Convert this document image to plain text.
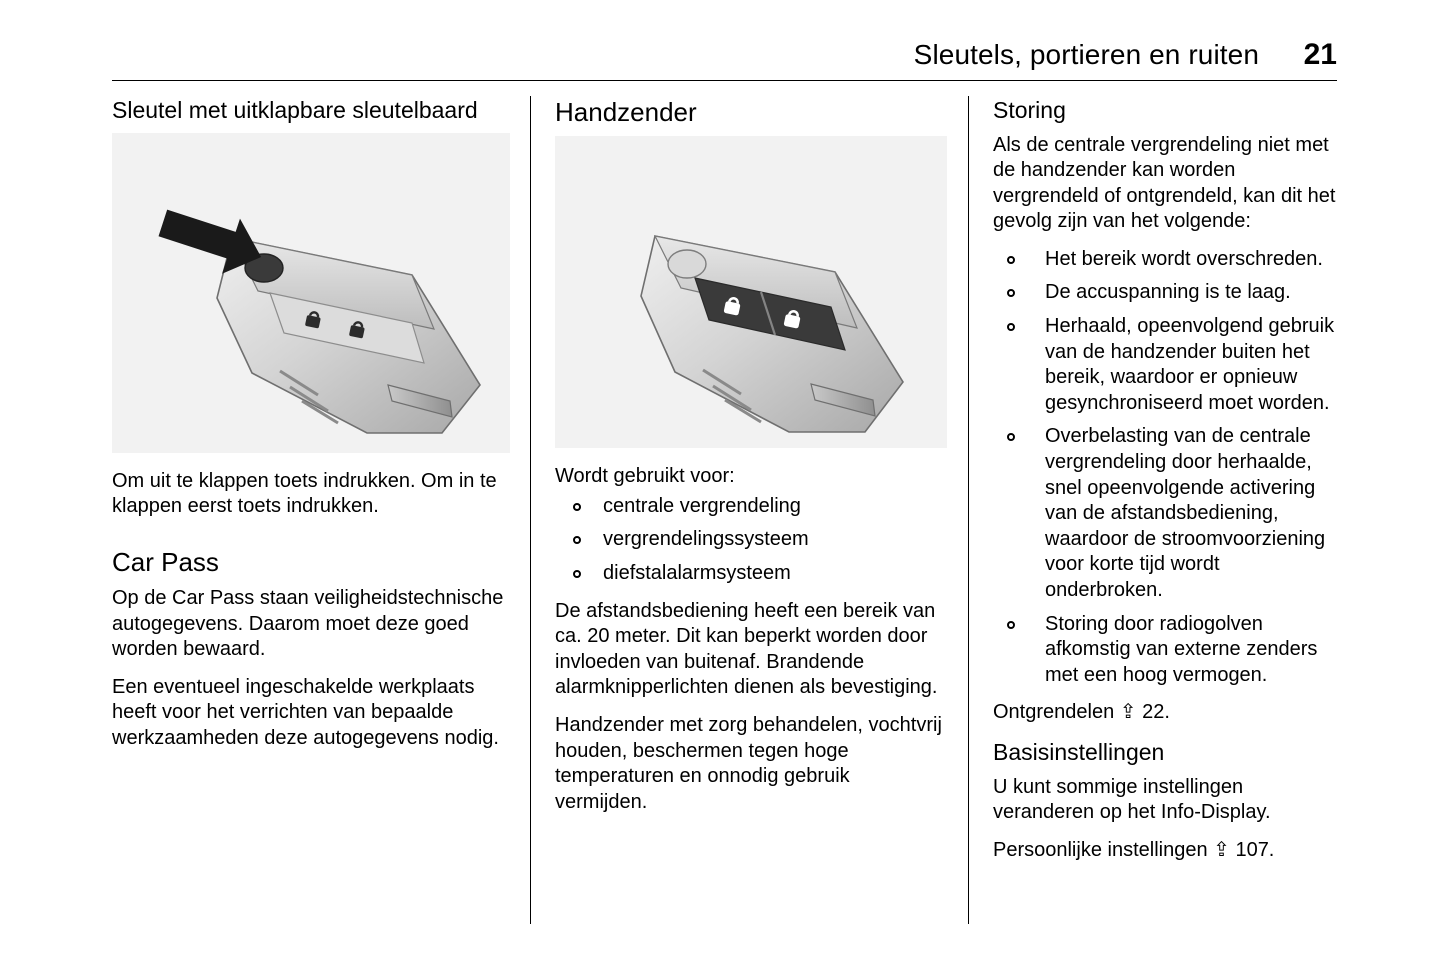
Sleutels, portieren en ruiten 21
Sleutel met uitklapbare sleutelbaard

Om uit te klappen toets indrukken. Om in te klappen eerst toets indrukken.

Car Pass

Op de Car Pass staan veiligheidstechnische autogegevens. Daarom moet deze goed worden bewaard.

Een eventueel ingeschakelde werkplaats heeft voor het verrichten van bepaalde werkzaamheden deze autogegevens nodig.

Handzender

Wordt gebruikt voor:

centrale vergrendeling
vergrendelingssysteem
diefstalalarmsysteem

De afstandsbediening heeft een bereik van ca. 20 meter. Dit kan beperkt worden door invloeden van buitenaf. Brandende alarmknipperlichten dienen als bevestiging.

Handzender met zorg behandelen, vochtvrij houden, beschermen tegen hoge temperaturen en onnodig gebruik vermijden.

Storing

Als de centrale vergrendeling niet met de handzender kan worden vergrendeld of ontgrendeld, kan dit het gevolg zijn van het volgende:

Het bereik wordt overschreden.
De accuspanning is te laag.
Herhaald, opeenvolgend gebruik van de handzender buiten het bereik, waardoor er opnieuw gesynchroniseerd moet worden.
Overbelasting van de centrale vergrendeling door herhaalde, snel opeenvolgende activering van de afstandsbediening, waardoor de stroomvoorziening voor korte tijd wordt onderbroken.
Storing door radiogolven afkomstig van externe zenders met een hoog vermogen.

Ontgrendelen ⇪ 22.

Basisinstellingen

U kunt sommige instellingen veranderen op het Info-Display.

Persoonlijke instellingen ⇪ 107.
